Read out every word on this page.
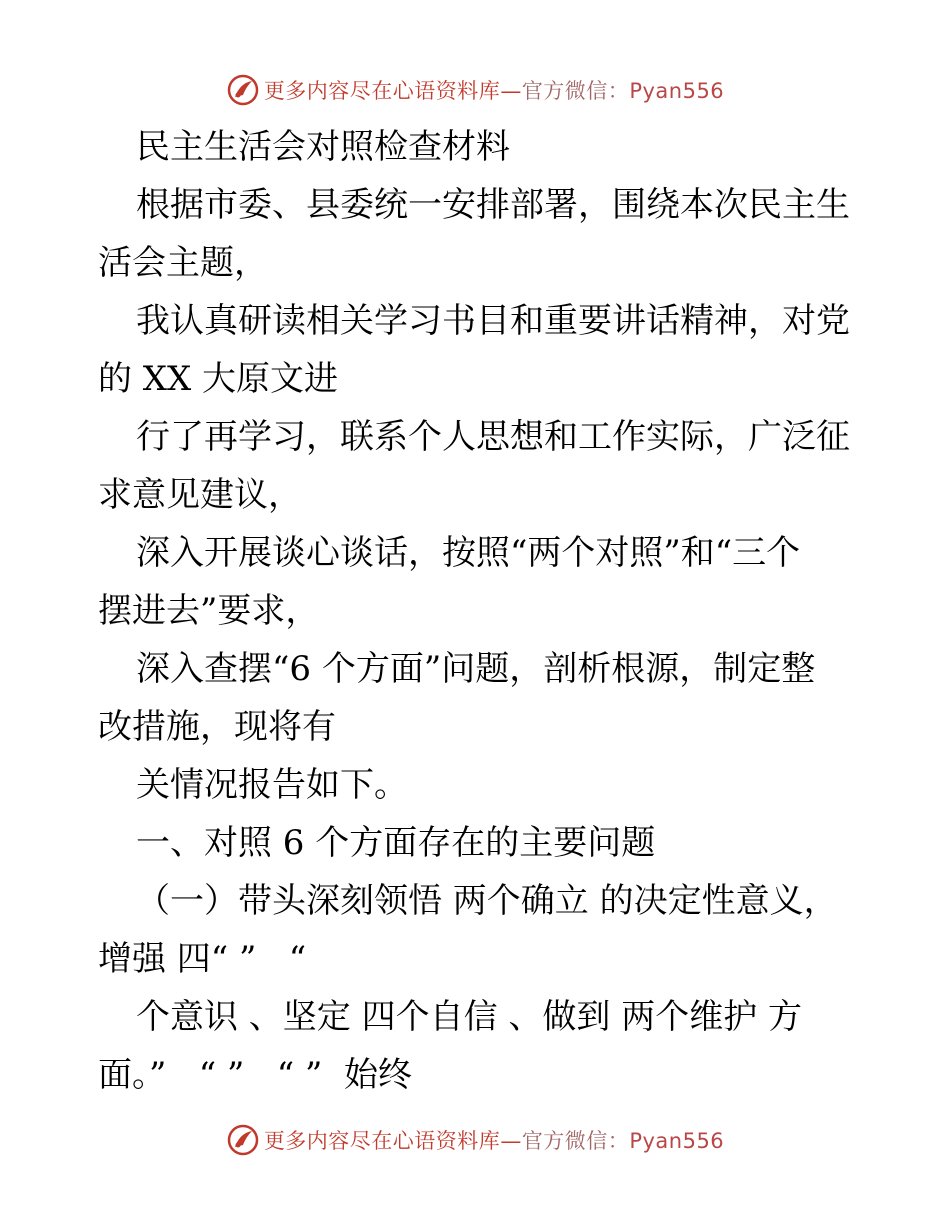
更多内容尽在心语资料库—官方微信：Pyan556
民主生活会对照检查材料
根据市委、县委统一安排部署，围绕本次民主生
活会主题，
我认真研读相关学习书目和重要讲话精神，对党
的 XX 大原文进
行了再学习，联系个人思想和工作实际，广泛征
求意见建议，
深入开展谈心谈话，按照“两个对照”和“三个
摆进去”要求，
深入查摆“6 个方面”问题，剖析根源，制定整
改措施，现将有
关情况报告如下。
一、对照 6 个方面存在的主要问题
（一）带头深刻领悟 两个确立 的决定性意义，
增强 四“ ”   “
个意识 、坚定 四个自信 、做到 两个维护 方
面。”   “ ”   “ ”  始终
更多内容尽在心语资料库—官方微信：Pyan556
